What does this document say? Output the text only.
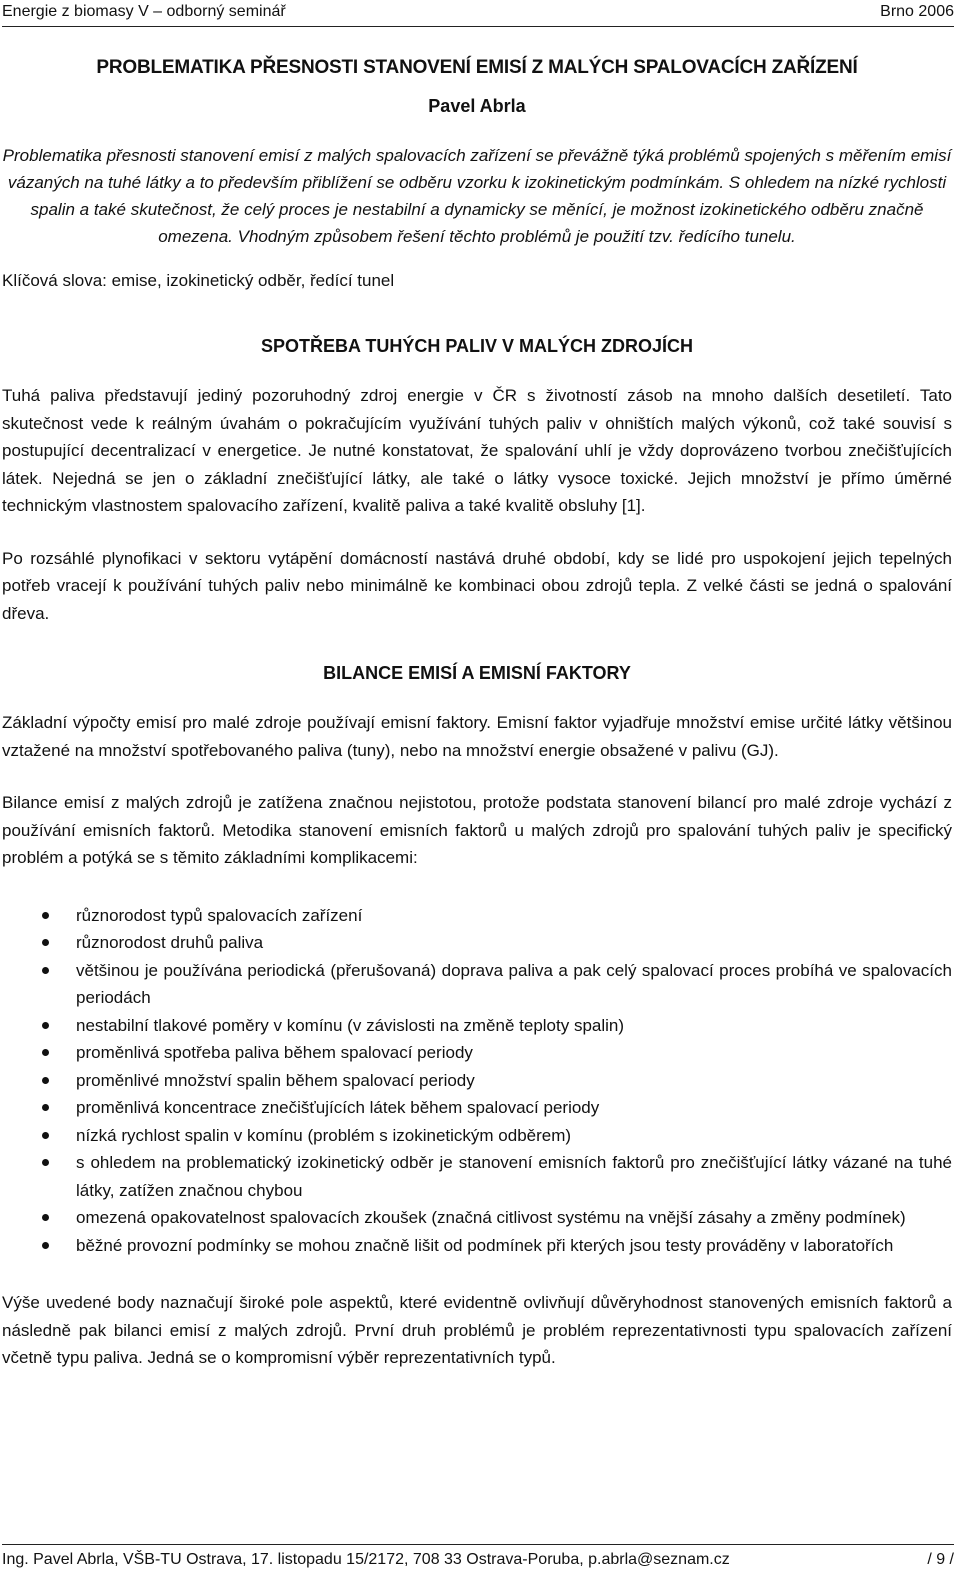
Energie z biomasy V – odborný seminář	Brno 2006
PROBLEMATIKA PŘESNOSTI STANOVENÍ EMISÍ Z MALÝCH SPALOVACÍCH ZAŘÍZENÍ
Pavel Abrla
Problematika přesnosti stanovení emisí z malých spalovacích zařízení se převážně týká problémů spojených s měřením emisí vázaných na tuhé látky a to především přiblížení se odběru vzorku k izokinetickým podmínkám. S ohledem na nízké rychlosti spalin a také skutečnost, že celý proces je nestabilní a dynamicky se měnící, je možnost izokinetického odběru značně omezena. Vhodným způsobem řešení těchto problémů je použití tzv. ředícího tunelu.
Klíčová slova: emise, izokinetický odběr, ředící tunel
SPOTŘEBA TUHÝCH PALIV V MALÝCH ZDROJÍCH

Tuhá paliva představují jediný pozoruhodný zdroj energie v ČR s životností zásob na mnoho dalších desetiletí. Tato skutečnost vede k reálným úvahám o pokračujícím využívání tuhých paliv v ohništích malých výkonů, což také souvisí s postupující decentralizací v energetice. Je nutné konstatovat, že spalování uhlí je vždy doprovázeno tvorbou znečišťujících látek. Nejedná se jen o základní znečišťující látky, ale také o látky vysoce toxické. Jejich množství je přímo úměrné technickým vlastnostem spalovacího zařízení, kvalitě paliva a také kvalitě obsluhy [1].

Po rozsáhlé plynofikaci v sektoru vytápění domácností nastává druhé období, kdy se lidé pro uspokojení jejich tepelných potřeb vracejí k používání tuhých paliv nebo minimálně ke kombinaci obou zdrojů tepla. Z velké části se jedná o spalování dřeva.

BILANCE EMISÍ A EMISNÍ FAKTORY

Základní výpočty emisí pro malé zdroje používají emisní faktory. Emisní faktor vyjadřuje množství emise určité látky většinou vztažené na množství spotřebovaného paliva (tuny), nebo na množství energie obsažené v palivu (GJ).

Bilance emisí z malých zdrojů je zatížena značnou nejistotou, protože podstata stanovení bilancí pro malé zdroje vychází z používání emisních faktorů. Metodika stanovení emisních faktorů u malých zdrojů pro spalování tuhých paliv je specifický problém a potýká se s těmito základními komplikacemi:

různorodost typů spalovacích zařízení
různorodost druhů paliva
většinou je používána periodická (přerušovaná) doprava paliva a pak celý spalovací proces probíhá ve spalovacích periodách
nestabilní tlakové poměry v komínu (v závislosti na změně teploty spalin)
proměnlivá spotřeba paliva během spalovací periody
proměnlivé množství spalin během spalovací periody
proměnlivá koncentrace znečišťujících látek během spalovací periody
nízká rychlost spalin v komínu (problém s izokinetickým odběrem)
s ohledem na problematický izokinetický odběr je stanovení emisních faktorů pro znečišťující látky vázané na tuhé látky, zatížen značnou chybou
omezená opakovatelnost spalovacích zkoušek (značná citlivost systému na vnější zásahy a změny podmínek)
běžné provozní podmínky se mohou značně lišit od podmínek při kterých jsou testy prováděny v laboratořích

Výše uvedené body naznačují široké pole aspektů, které evidentně ovlivňují důvěryhodnost stanovených emisních faktorů a následně pak bilanci emisí z malých zdrojů. První druh problémů je problém reprezentativnosti typu spalovacích zařízení včetně typu paliva. Jedná se o kompromisní výběr reprezentativních typů.

Ing. Pavel Abrla, VŠB-TU Ostrava, 17. listopadu 15/2172, 708 33 Ostrava-Poruba, p.abrla@seznam.cz	/ 9 /
